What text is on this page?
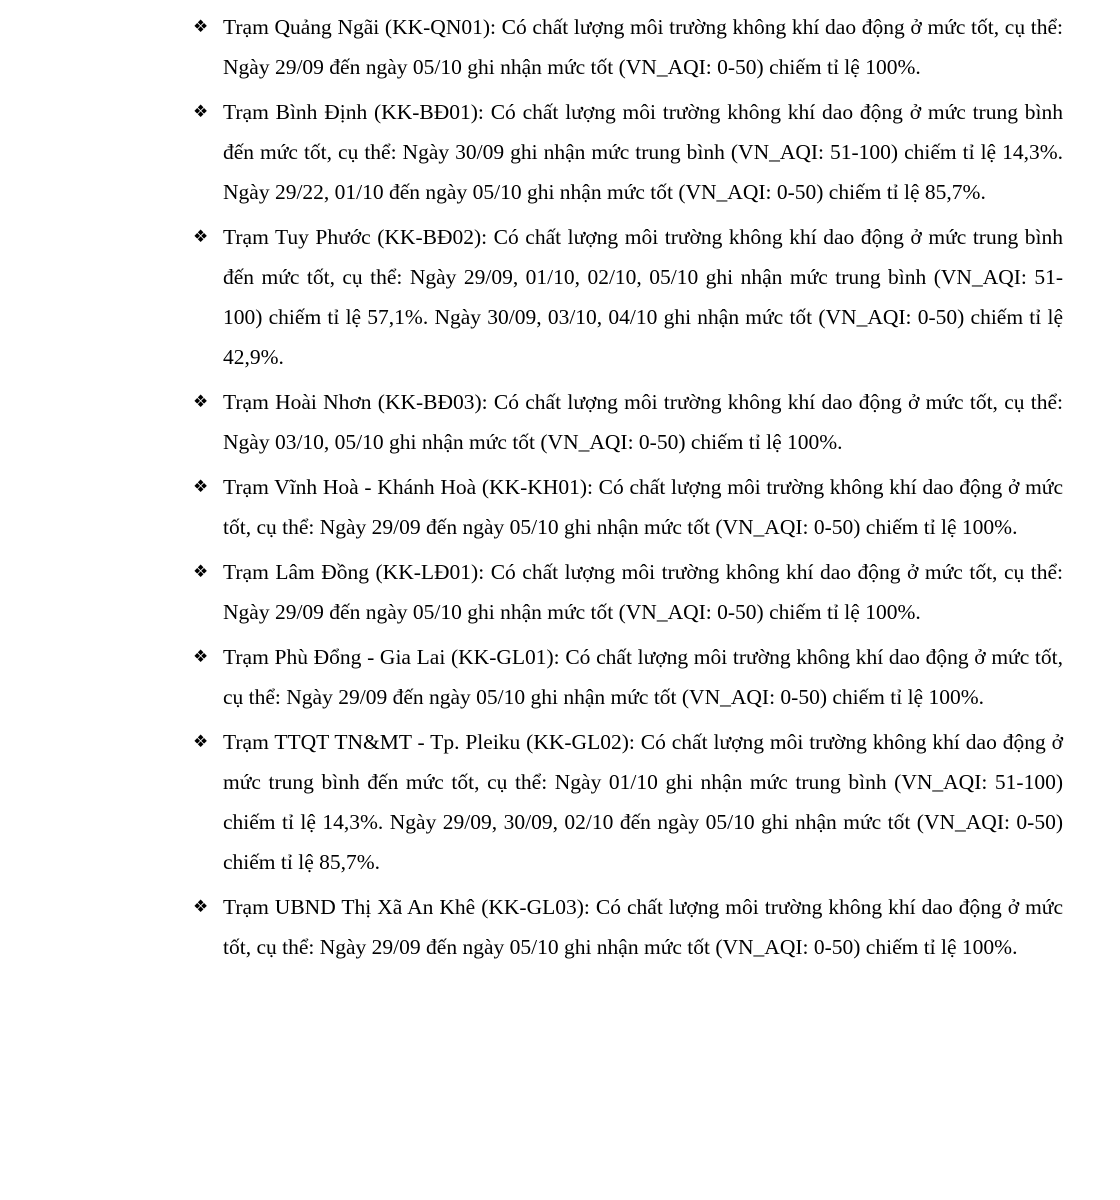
❖ Trạm Quảng Ngãi (KK-QN01): Có chất lượng môi trường không khí dao động ở mức tốt, cụ thể: Ngày 29/09 đến ngày 05/10 ghi nhận mức tốt (VN_AQI: 0-50) chiếm tỉ lệ 100%.
❖ Trạm Bình Định (KK-BĐ01): Có chất lượng môi trường không khí dao động ở mức trung bình đến mức tốt, cụ thể: Ngày 30/09 ghi nhận mức trung bình (VN_AQI: 51-100) chiếm tỉ lệ 14,3%. Ngày 29/22, 01/10 đến ngày 05/10 ghi nhận mức tốt (VN_AQI: 0-50) chiếm tỉ lệ 85,7%.
❖ Trạm Tuy Phước (KK-BĐ02): Có chất lượng môi trường không khí dao động ở mức trung bình đến mức tốt, cụ thể: Ngày 29/09, 01/10, 02/10, 05/10 ghi nhận mức trung bình (VN_AQI: 51-100) chiếm tỉ lệ 57,1%. Ngày 30/09, 03/10, 04/10 ghi nhận mức tốt (VN_AQI: 0-50) chiếm tỉ lệ 42,9%.
❖ Trạm Hoài Nhơn (KK-BĐ03): Có chất lượng môi trường không khí dao động ở mức tốt, cụ thể: Ngày 03/10, 05/10 ghi nhận mức tốt (VN_AQI: 0-50) chiếm tỉ lệ 100%.
❖ Trạm Vĩnh Hoà - Khánh Hoà (KK-KH01): Có chất lượng môi trường không khí dao động ở mức tốt, cụ thể: Ngày 29/09 đến ngày 05/10 ghi nhận mức tốt (VN_AQI: 0-50) chiếm tỉ lệ 100%.
❖ Trạm Lâm Đồng (KK-LĐ01): Có chất lượng môi trường không khí dao động ở mức tốt, cụ thể: Ngày 29/09 đến ngày 05/10 ghi nhận mức tốt (VN_AQI: 0-50) chiếm tỉ lệ 100%.
❖ Trạm Phù Đổng - Gia Lai (KK-GL01): Có chất lượng môi trường không khí dao động ở mức tốt, cụ thể: Ngày 29/09 đến ngày 05/10 ghi nhận mức tốt (VN_AQI: 0-50) chiếm tỉ lệ 100%.
❖ Trạm TTQT TN&MT - Tp. Pleiku (KK-GL02): Có chất lượng môi trường không khí dao động ở mức trung bình đến mức tốt, cụ thể: Ngày 01/10 ghi nhận mức trung bình (VN_AQI: 51-100) chiếm tỉ lệ 14,3%. Ngày 29/09, 30/09, 02/10 đến ngày 05/10 ghi nhận mức tốt (VN_AQI: 0-50) chiếm tỉ lệ 85,7%.
❖ Trạm UBND Thị Xã An Khê (KK-GL03): Có chất lượng môi trường không khí dao động ở mức tốt, cụ thể: Ngày 29/09 đến ngày 05/10 ghi nhận mức tốt (VN_AQI: 0-50) chiếm tỉ lệ 100%.
